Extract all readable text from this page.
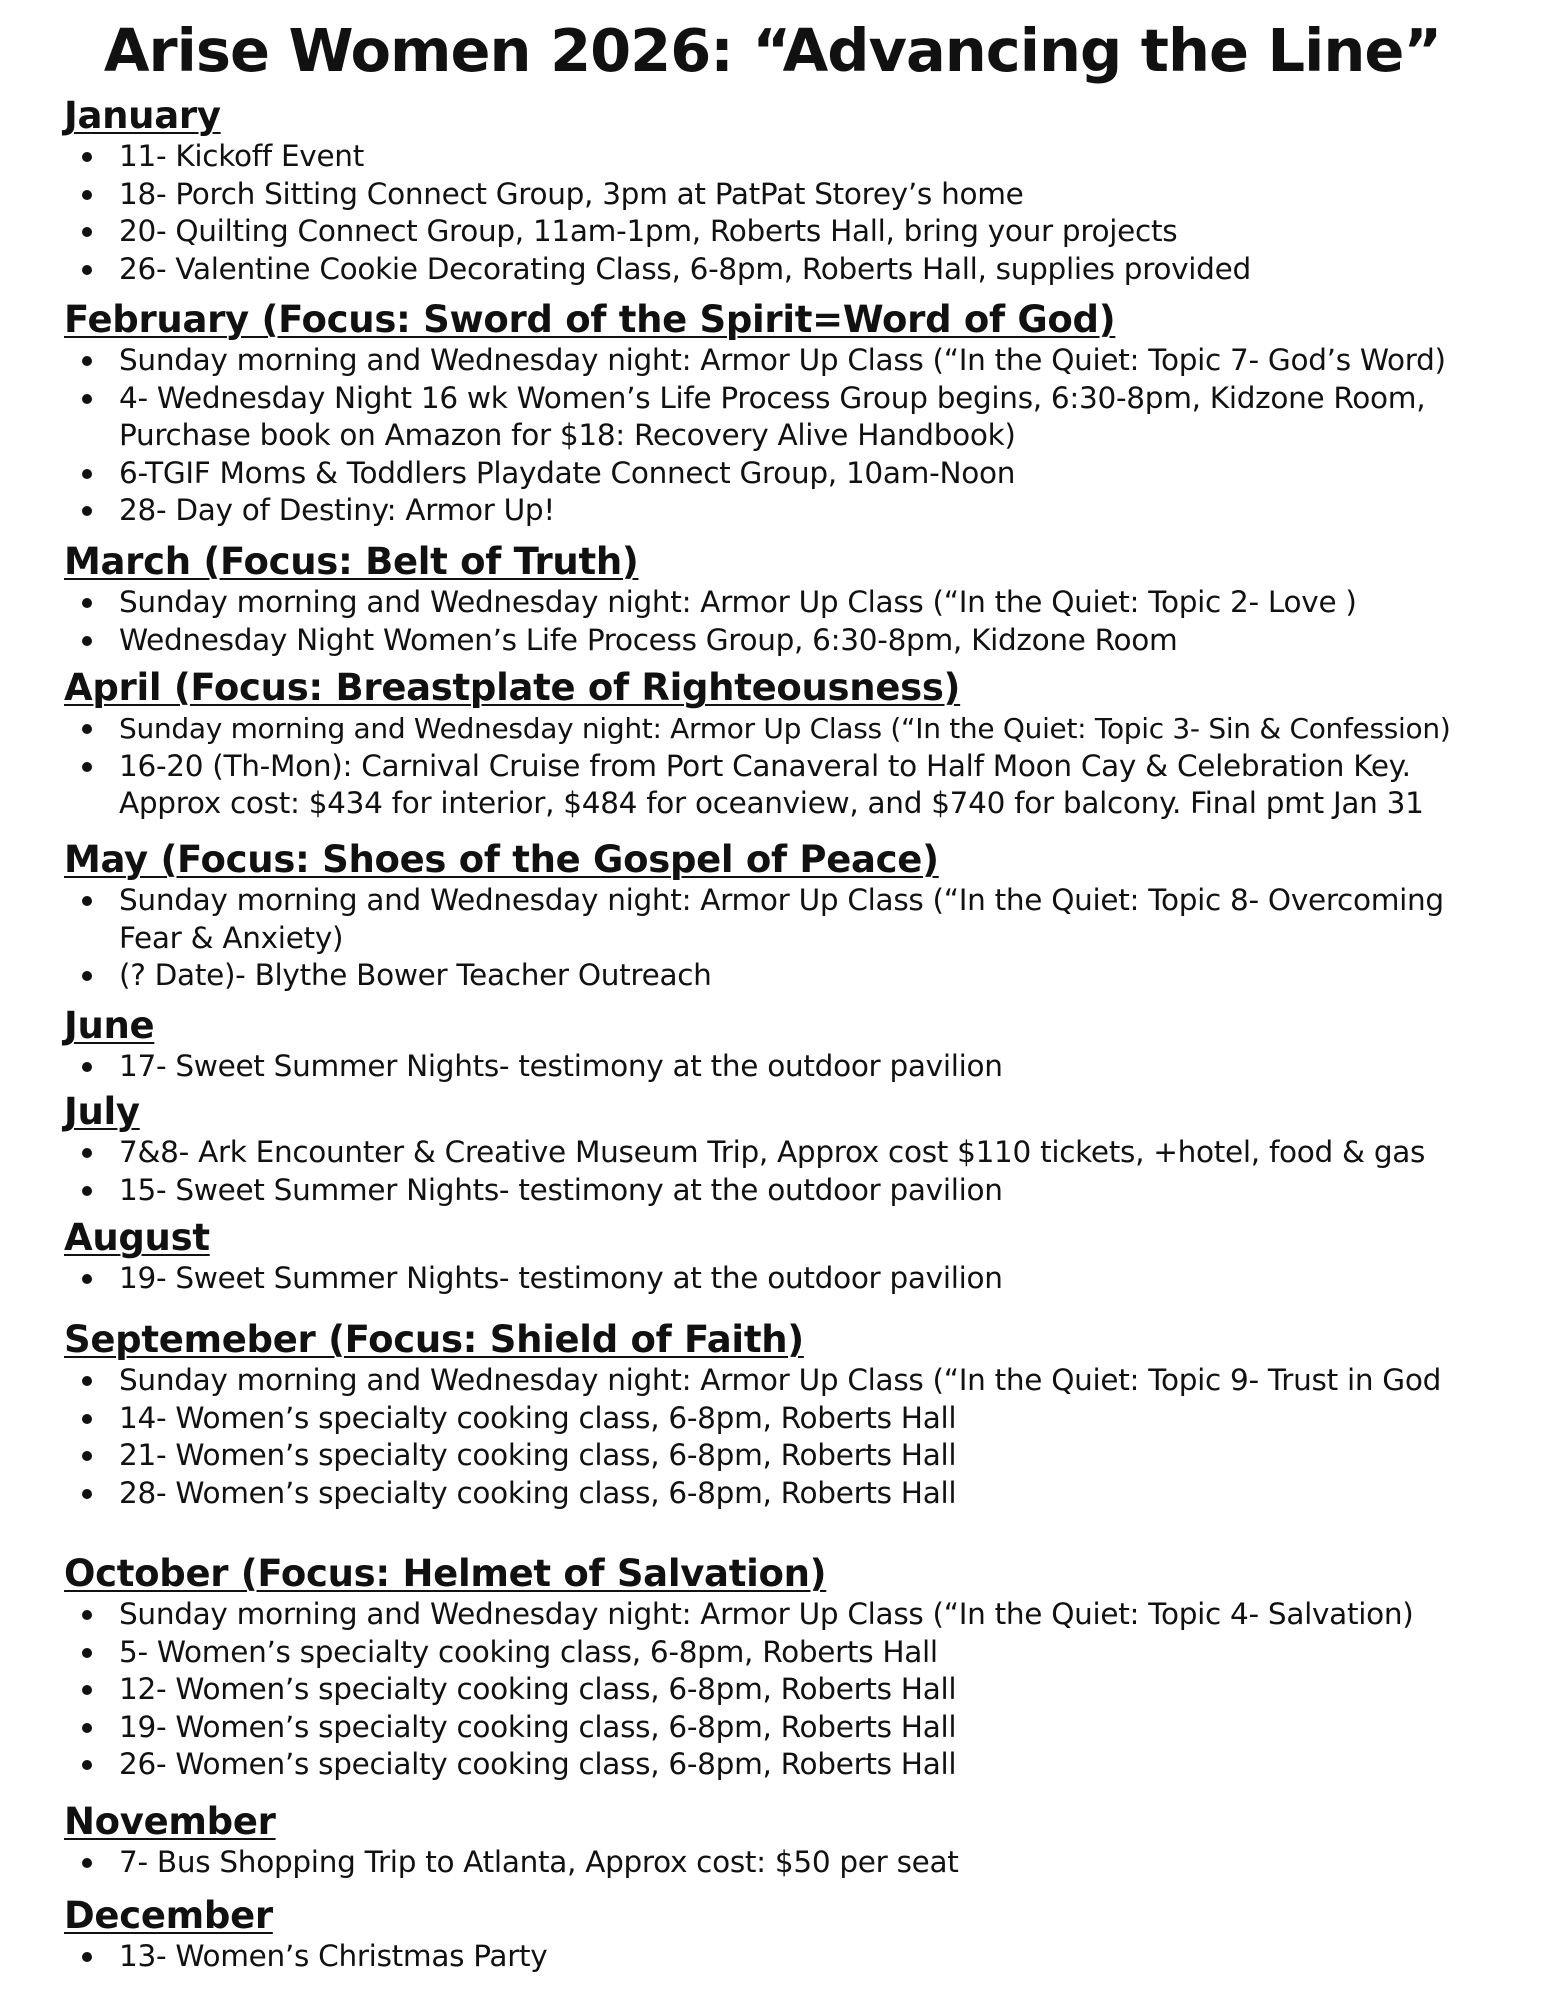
Arise Women 2026: “Advancing the Line”
January
11- Kickoff Event
18- Porch Sitting Connect Group, 3pm at PatPat Storey’s home
20- Quilting Connect Group, 11am-1pm, Roberts Hall, bring your projects
26- Valentine Cookie Decorating Class, 6-8pm, Roberts Hall, supplies provided
February (Focus: Sword of the Spirit=Word of God)
Sunday morning and Wednesday night: Armor Up Class (“In the Quiet: Topic 7- God’s Word)
4- Wednesday Night 16 wk Women’s Life Process Group begins, 6:30-8pm, Kidzone Room,
Purchase book on Amazon for $18: Recovery Alive Handbook)
6-TGIF Moms & Toddlers Playdate Connect Group, 10am-Noon
28- Day of Destiny: Armor Up!
March (Focus: Belt of Truth)
Sunday morning and Wednesday night: Armor Up Class (“In the Quiet: Topic 2- Love )
Wednesday Night Women’s Life Process Group, 6:30-8pm, Kidzone Room
April (Focus: Breastplate of Righteousness)
Sunday morning and Wednesday night: Armor Up Class (“In the Quiet: Topic 3- Sin & Confession)
16-20 (Th-Mon): Carnival Cruise from Port Canaveral to Half Moon Cay & Celebration Key.
Approx cost: $434 for interior, $484 for oceanview, and $740 for balcony. Final pmt Jan 31
May (Focus: Shoes of the Gospel of Peace)
Sunday morning and Wednesday night: Armor Up Class (“In the Quiet: Topic 8- Overcoming
Fear & Anxiety)
(? Date)- Blythe Bower Teacher Outreach
June
17- Sweet Summer Nights- testimony at the outdoor pavilion
July
7&8- Ark Encounter & Creative Museum Trip, Approx cost $110 tickets, +hotel, food & gas
15- Sweet Summer Nights- testimony at the outdoor pavilion
August
19- Sweet Summer Nights- testimony at the outdoor pavilion
Septemeber (Focus: Shield of Faith)
Sunday morning and Wednesday night: Armor Up Class (“In the Quiet: Topic 9- Trust in God
14- Women’s specialty cooking class, 6-8pm, Roberts Hall
21- Women’s specialty cooking class, 6-8pm, Roberts Hall
28- Women’s specialty cooking class, 6-8pm, Roberts Hall
October (Focus: Helmet of Salvation)
Sunday morning and Wednesday night: Armor Up Class (“In the Quiet: Topic 4- Salvation)
5- Women’s specialty cooking class, 6-8pm, Roberts Hall
12- Women’s specialty cooking class, 6-8pm, Roberts Hall
19- Women’s specialty cooking class, 6-8pm, Roberts Hall
26- Women’s specialty cooking class, 6-8pm, Roberts Hall
November
7- Bus Shopping Trip to Atlanta, Approx cost: $50 per seat
December
13- Women’s Christmas Party
